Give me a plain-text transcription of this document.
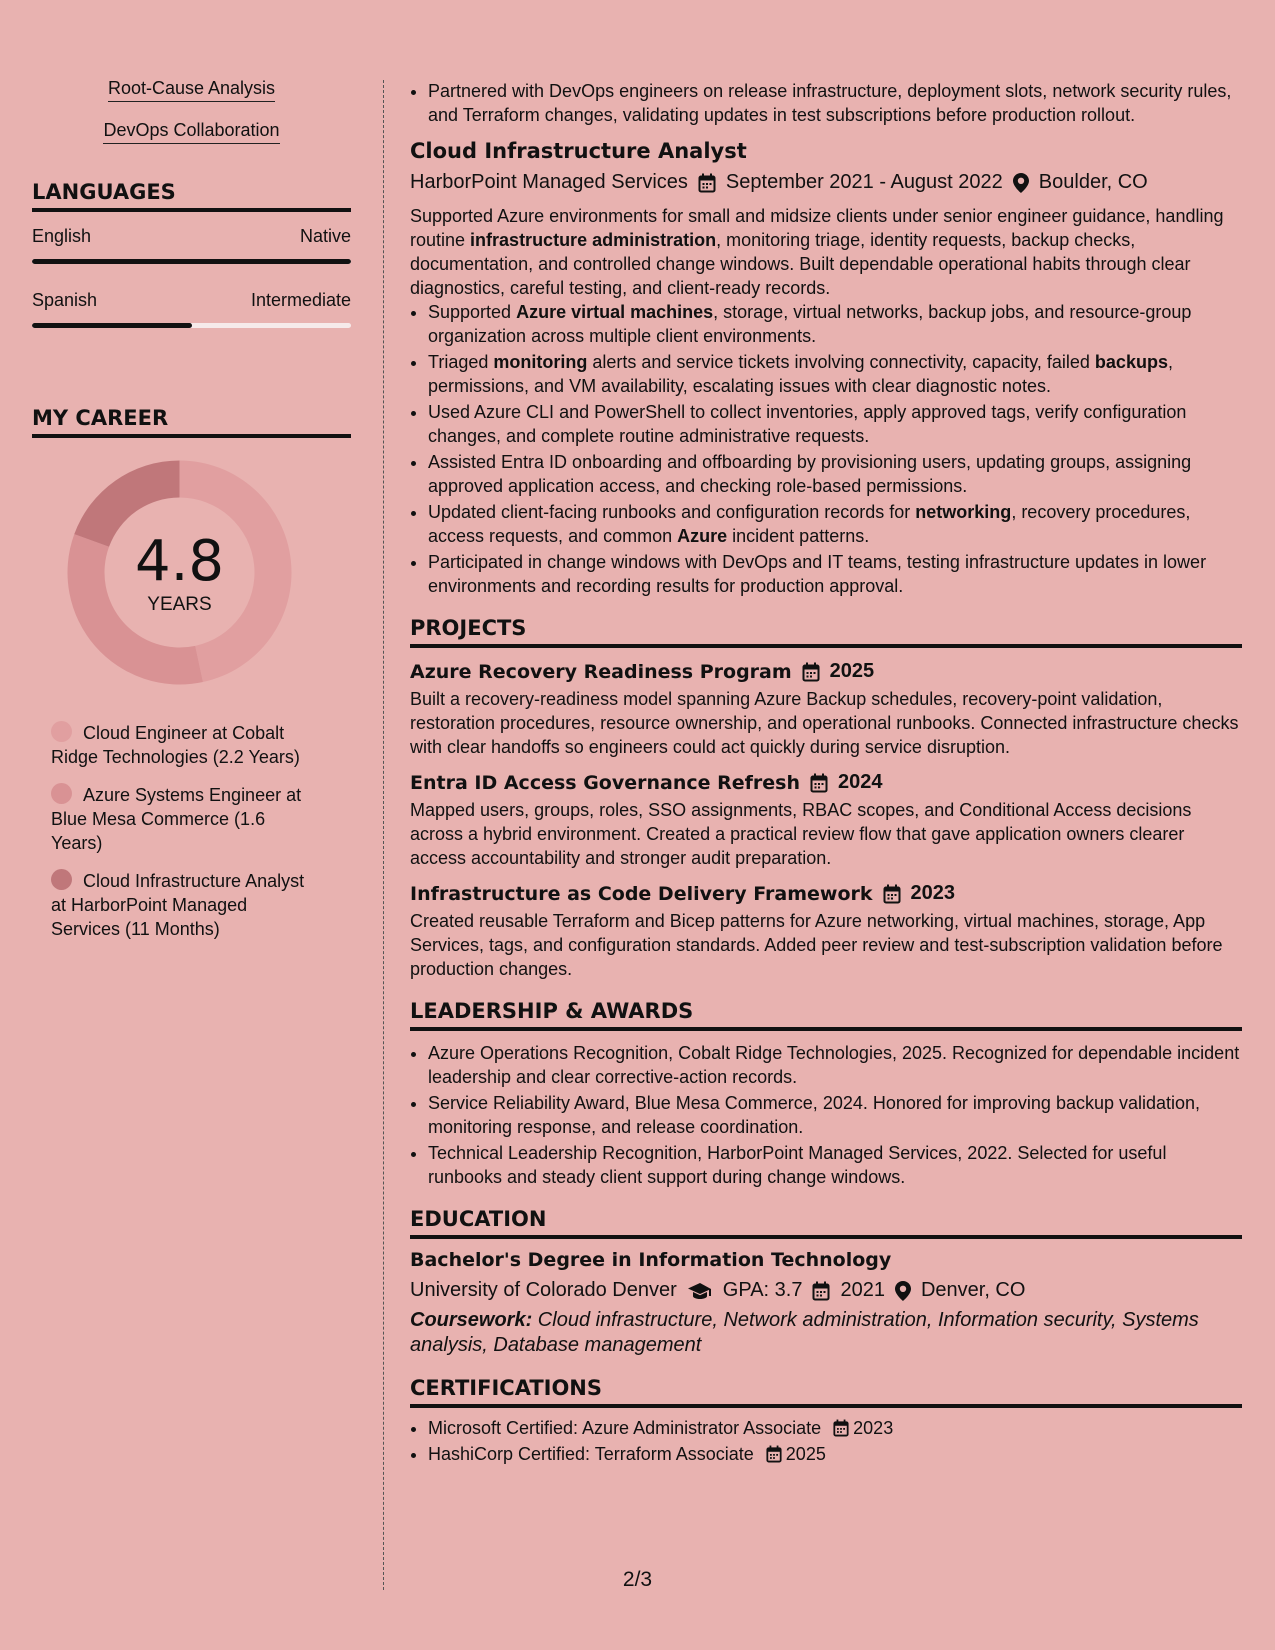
Root-Cause Analysis
DevOps Collaboration
LANGUAGES
English	Native
Spanish	Intermediate
MY CAREER
4.8
YEARS
Cloud Engineer at Cobalt Ridge Technologies (2.2 Years)
Azure Systems Engineer at Blue Mesa Commerce (1.6 Years)
Cloud Infrastructure Analyst at HarborPoint Managed Services (11 Months)
• Partnered with DevOps engineers on release infrastructure, deployment slots, network security rules, and Terraform changes, validating updates in test subscriptions before production rollout.
Cloud Infrastructure Analyst
HarborPoint Managed Services September 2021 - August 2022 Boulder, CO
Supported Azure environments for small and midsize clients under senior engineer guidance, handling routine infrastructure administration, monitoring triage, identity requests, backup checks, documentation, and controlled change windows. Built dependable operational habits through clear diagnostics, careful testing, and client-ready records.
• Supported Azure virtual machines, storage, virtual networks, backup jobs, and resource-group organization across multiple client environments.
• Triaged monitoring alerts and service tickets involving connectivity, capacity, failed backups, permissions, and VM availability, escalating issues with clear diagnostic notes.
• Used Azure CLI and PowerShell to collect inventories, apply approved tags, verify configuration changes, and complete routine administrative requests.
• Assisted Entra ID onboarding and offboarding by provisioning users, updating groups, assigning approved application access, and checking role-based permissions.
• Updated client-facing runbooks and configuration records for networking, recovery procedures, access requests, and common Azure incident patterns.
• Participated in change windows with DevOps and IT teams, testing infrastructure updates in lower environments and recording results for production approval.
PROJECTS
Azure Recovery Readiness Program 2025
Built a recovery-readiness model spanning Azure Backup schedules, recovery-point validation, restoration procedures, resource ownership, and operational runbooks. Connected infrastructure checks with clear handoffs so engineers could act quickly during service disruption.
Entra ID Access Governance Refresh 2024
Mapped users, groups, roles, SSO assignments, RBAC scopes, and Conditional Access decisions across a hybrid environment. Created a practical review flow that gave application owners clearer access accountability and stronger audit preparation.
Infrastructure as Code Delivery Framework 2023
Created reusable Terraform and Bicep patterns for Azure networking, virtual machines, storage, App Services, tags, and configuration standards. Added peer review and test-subscription validation before production changes.
LEADERSHIP & AWARDS
• Azure Operations Recognition, Cobalt Ridge Technologies, 2025. Recognized for dependable incident leadership and clear corrective-action records.
• Service Reliability Award, Blue Mesa Commerce, 2024. Honored for improving backup validation, monitoring response, and release coordination.
• Technical Leadership Recognition, HarborPoint Managed Services, 2022. Selected for useful runbooks and steady client support during change windows.
EDUCATION
Bachelor's Degree in Information Technology
University of Colorado Denver GPA: 3.7 2021 Denver, CO
Coursework: Cloud infrastructure, Network administration, Information security, Systems analysis, Database management
CERTIFICATIONS
• Microsoft Certified: Azure Administrator Associate 2023
• HashiCorp Certified: Terraform Associate 2025
2/3
